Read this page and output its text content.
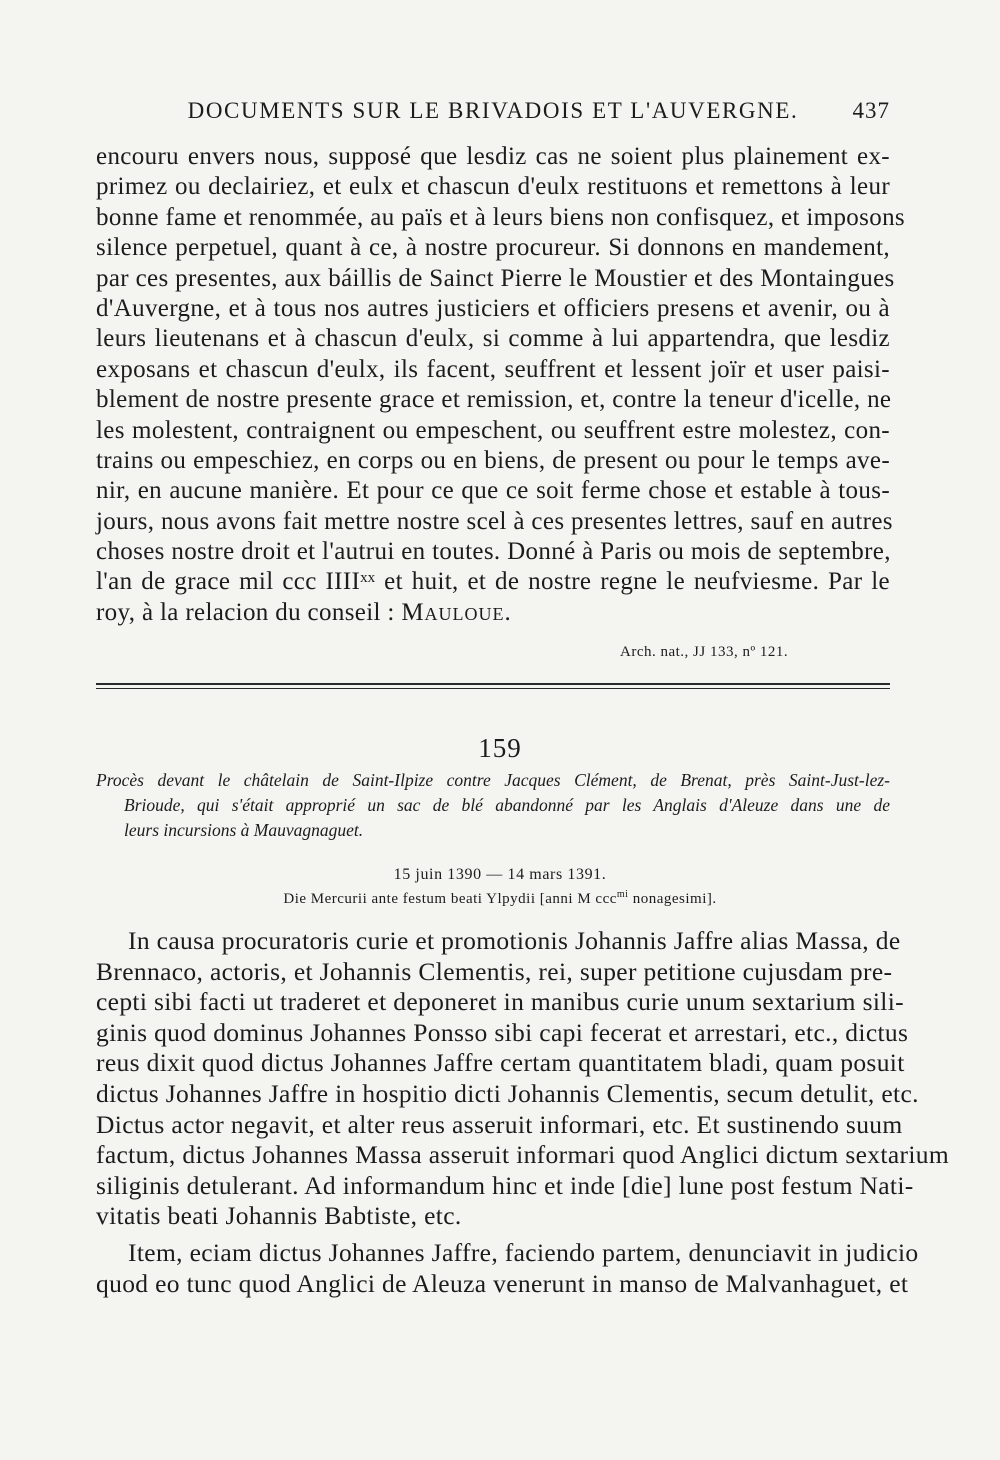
DOCUMENTS SUR LE BRIVADOIS ET L'AUVERGNE.	437
encouru envers nous, supposé que lesdiz cas ne soient plus plainement ex-
primez ou declairiez, et eulx et chascun d'eulx restituons et remettons à leur
bonne fame et renommée, au païs et à leurs biens non confisquez, et imposons
silence perpetuel, quant à ce, à nostre procureur. Si donnons en mandement,
par ces presentes, aux báillis de Sainct Pierre le Moustier et des Montaingues
d'Auvergne, et à tous nos autres justiciers et officiers presens et avenir, ou à
leurs lieutenans et à chascun d'eulx, si comme à lui appartendra, que lesdiz
exposans et chascun d'eulx, ils facent, seuffrent et lessent joïr et user paisi-
blement de nostre presente grace et remission, et, contre la teneur d'icelle, ne
les molestent, contraignent ou empeschent, ou seuffrent estre molestez, con-
trains ou empeschiez, en corps ou en biens, de present ou pour le temps ave-
nir, en aucune manière. Et pour ce que ce soit ferme chose et estable à tous-
jours, nous avons fait mettre nostre scel à ces presentes lettres, sauf en autres
choses nostre droit et l'autrui en toutes. Donné à Paris ou mois de septembre,
l'an de grace mil ccc IIIIˣˣ et huit, et de nostre regne le neufviesme. Par le
roy, à la relacion du conseil : Mauloue.
Arch. nat., JJ 133, nº 121.
159
Procès devant le châtelain de Saint-Ilpize contre Jacques Clément, de Brenat, près Saint-Just-lez-
Brioude, qui s'était approprié un sac de blé abandonné par les Anglais d'Aleuze dans une de
leurs incursions à Mauvagnaguet.
15 juin 1390 — 14 mars 1391.
Die Mercurii ante festum beati Ylpydii [anni M ccc$^{mi}$ nonagesimi].
In causa procuratoris curie et promotionis Johannis Jaffre alias Massa, de
Brennaco, actoris, et Johannis Clementis, rei, super petitione cujusdam pre-
cepti sibi facti ut traderet et deponeret in manibus curie unum sextarium sili-
ginis quod dominus Johannes Ponsso sibi capi fecerat et arrestari, etc., dictus
reus dixit quod dictus Johannes Jaffre certam quantitatem bladi, quam posuit
dictus Johannes Jaffre in hospitio dicti Johannis Clementis, secum detulit, etc.
Dictus actor negavit, et alter reus asseruit informari, etc. Et sustinendo suum
factum, dictus Johannes Massa asseruit informari quod Anglici dictum sextarium
siliginis detulerant. Ad informandum hinc et inde [die] lune post festum Nati-
vitatis beati Johannis Babtiste, etc.
Item, eciam dictus Johannes Jaffre, faciendo partem, denunciavit in judicio
quod eo tunc quod Anglici de Aleuza venerunt in manso de Malvanhaguet, et
